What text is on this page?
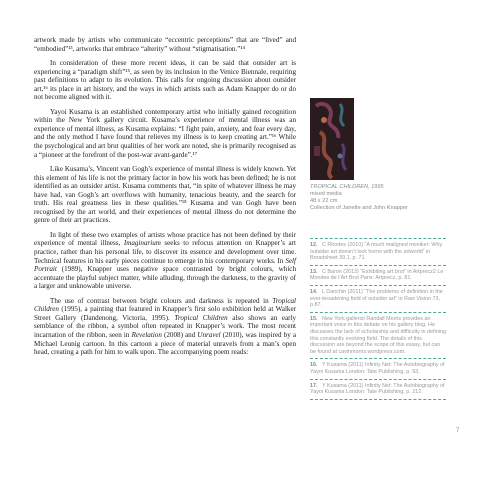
artwork made by artists who communicate “eccentric perceptions” that are “lived” and “embodied”¹³, artworks that embrace “alterity” without “stigmatisation.”¹⁴

In consideration of these more recent ideas, it can be said that outsider art is experiencing a “paradigm shift”¹⁵, as seen by its inclusion in the Venice Biennale, requiring past definitions to adapt to its evolution. This calls for ongoing discussion about outsider art,¹⁶ its place in art history, and the ways in which artists such as Adam Knapper do or do not become aligned with it.

Yayoi Kusama is an established contemporary artist who initially gained recognition within the New York gallery circuit. Kusama’s experience of mental illness was an experience of mental illness, as Kusama explains: “I fight pain, anxiety, and fear every day, and the only method I have found that relieves my illness is to keep creating art.”¹⁶ While the psychological and art brut qualities of her work are noted, she is primarily recognised as a “pioneer at the forefront of the post-war avant-garde”.¹⁷

Like Kusama’s, Vincent van Gogh’s experience of mental illness is widely known. Yet this element of his life is not the primary factor in how his work has been defined; he is not identified as an outsider artist. Kusama comments that, “in spite of whatever illness he may have had, van Gogh’s art overflows with humanity, tenacious beauty, and the search for truth. His real greatness lies in these qualities.”¹⁸ Kusama and van Gogh have been recognised by the art world, and their experiences of mental illness do not determine the genre of their art practices.

In light of these two examples of artists whose practice has not been defined by their experience of mental illness, Imaginarium seeks to refocus attention on Knapper’s art practice, rather than his personal life, to discover its essence and development over time. Technical features in his early pieces continue to emerge in his contemporary works. In Self Portrait (1989), Knapper uses negative space contrasted by bright colours, which accentuate the playful subject matter, while alluding, through the darkness, to the gravity of a larger and unknowable universe.

The use of contrast between bright colours and darkness is repeated in Tropical Children (1995), a painting that featured in Knapper’s first solo exhibition held at Walker Street Gallery (Dandenong, Victoria, 1995). Tropical Children also shows an early semblance of the ribbon, a symbol often repeated in Knapper’s work. The most recent incarnation of the ribbon, seen in Revelation (2008) and Unravel (2010), was inspired by a Michael Leunig cartoon. In this cartoon a piece of material unravels from a man’s open head, creating a path for him to walk upon. The accompanying poem reads:

TROPICAL CHILDREN, 1995
mixed media
48 x 22 cm
Collection of Janette and John Knapper
12. C Rhodes (2010) “A much maligned moniker: Why outsider art doesn’t lock horns with the artworld” in Broadsheet 39.1, p. 71.
13. C Baron (2013) “Exhibiting art brut” in Artprecz2 Le Mondes de l’Art Brut Paris: Artprecz, p. 81.
14. L Danchin (2011) “The problems of definition in the ever-broadening field of outsider art” in Raw Vision 73, p.87.
15. New York gallerist Randall Morris provides an important voice in this debate on his gallery blog. He discusses the lack of scholarship and difficulty in defining this constantly evolving field. The details of this discussion are beyond the scope of this essay, but can be found at cavinmorris.wordpress.com.
16. Y Kusama (2011) Infinity Net: The Autobiography of Yayoi Kusama London: Tate Publishing, p. 93.
17. Y Kusama (2011) Infinity Net: The Autobiography of Yayoi Kusama London: Tate Publishing, p. 212.
7
